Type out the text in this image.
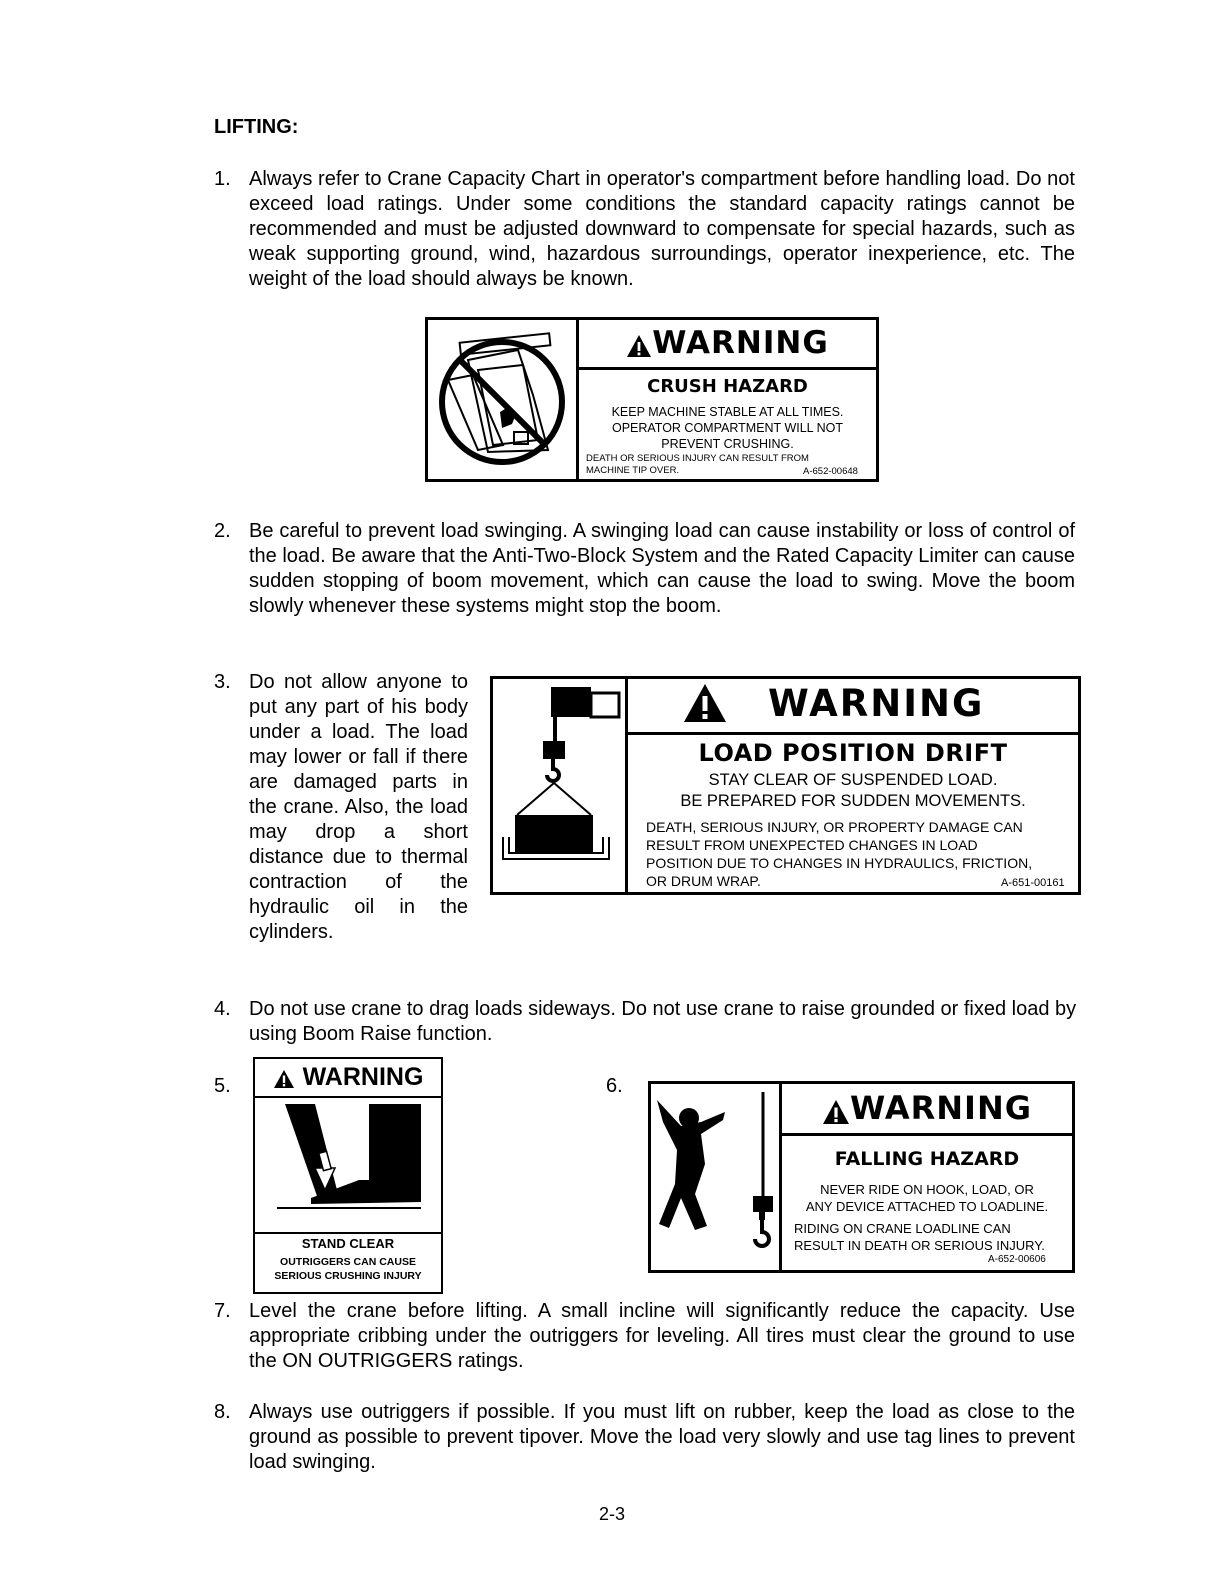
LIFTING:
1. Always refer to Crane Capacity Chart in operator's compartment before handling load. Do not exceed load ratings. Under some conditions the standard capacity ratings cannot be recommended and must be adjusted downward to compensate for special hazards, such as weak supporting ground, wind, hazardous surroundings, operator inexperience, etc. The weight of the load should always be known.
WARNING
CRUSH HAZARD
KEEP MACHINE STABLE AT ALL TIMES.
OPERATOR COMPARTMENT WILL NOT
PREVENT CRUSHING.
DEATH OR SERIOUS INJURY CAN RESULT FROM
MACHINE TIP OVER.	A-652-00648
2. Be careful to prevent load swinging. A swinging load can cause instability or loss of control of the load. Be aware that the Anti-Two-Block System and the Rated Capacity Limiter can cause sudden stopping of boom movement, which can cause the load to swing. Move the boom slowly whenever these systems might stop the boom.
3. Do not allow anyone to put any part of his body under a load. The load may lower or fall if there are damaged parts in the crane. Also, the load may drop a short distance due to thermal contraction of the hydraulic oil in the cylinders.
WARNING
LOAD POSITION DRIFT
STAY CLEAR OF SUSPENDED LOAD.
BE PREPARED FOR SUDDEN MOVEMENTS.
DEATH, SERIOUS INJURY, OR PROPERTY DAMAGE CAN
RESULT FROM UNEXPECTED CHANGES IN LOAD
POSITION DUE TO CHANGES IN HYDRAULICS, FRICTION,
OR DRUM WRAP.	A-651-00161
4. Do not use crane to drag loads sideways. Do not use crane to raise grounded or fixed load by using Boom Raise function.
5.	WARNING
STAND CLEAR
OUTRIGGERS CAN CAUSE
SERIOUS CRUSHING INJURY
6.
WARNING
FALLING HAZARD
NEVER RIDE ON HOOK, LOAD, OR
ANY DEVICE ATTACHED TO LOADLINE.
RIDING ON CRANE LOADLINE CAN
RESULT IN DEATH OR SERIOUS INJURY.
A-652-00606
7. Level the crane before lifting. A small incline will significantly reduce the capacity. Use appropriate cribbing under the outriggers for leveling. All tires must clear the ground to use the ON OUTRIGGERS ratings.
8. Always use outriggers if possible. If you must lift on rubber, keep the load as close to the ground as possible to prevent tipover. Move the load very slowly and use tag lines to prevent load swinging.
2-3
